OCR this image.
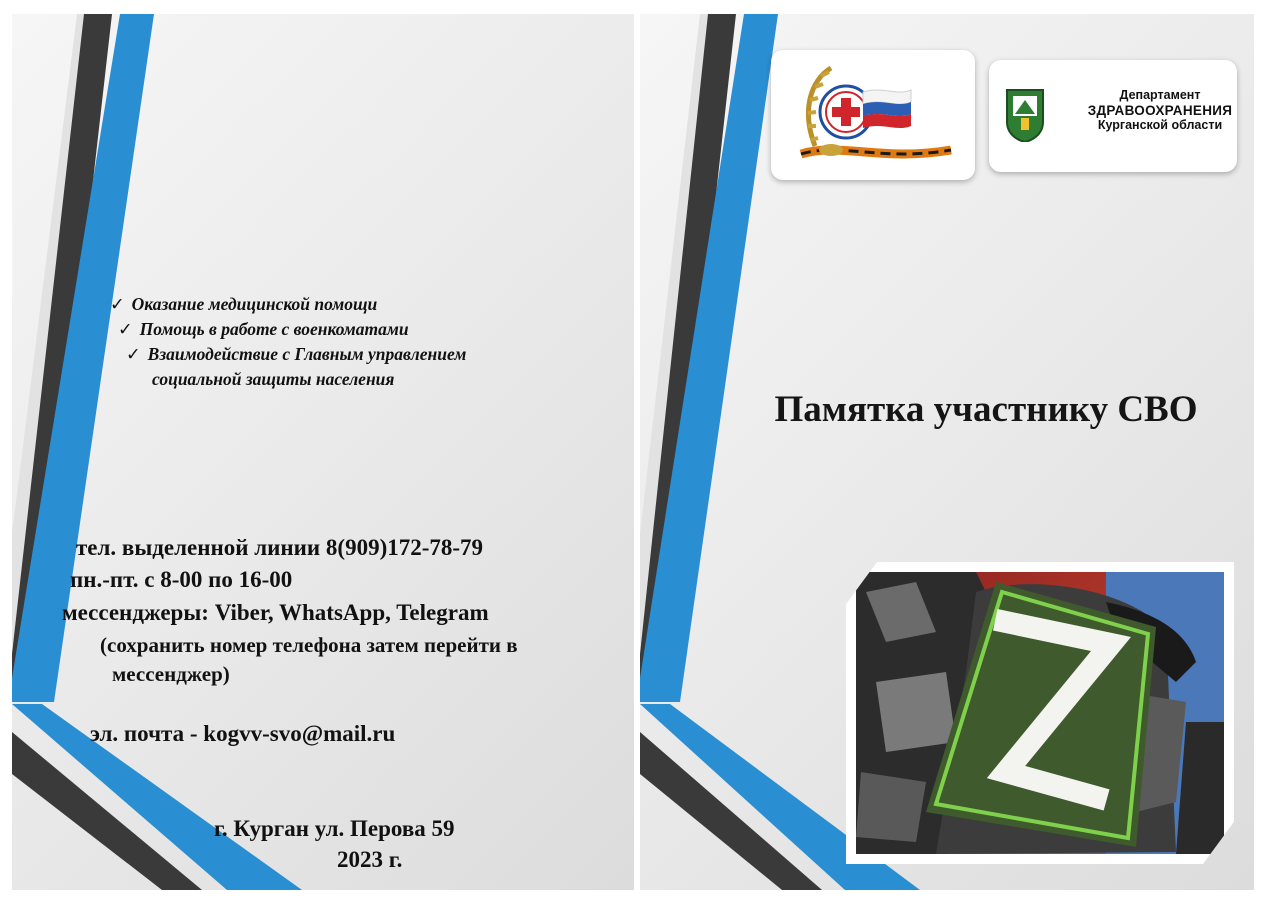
✓ Оказание медицинской помощи
✓ Помощь в работе с военкоматами
✓ Взаимодействие с Главным управлением
социальной защиты населения
тел. выделенной линии 8(909)172-78-79
пн.-пт. с 8-00 по 16-00
мессенджеры: Viber, WhatsApp, Telegram
(сохранить номер телефона затем перейти в
мессенджер)
эл. почта - kogvv-svo@mail.ru
г. Курган ул. Перова 59
2023 г.
Департамент
ЗДРАВООХРАНЕНИЯ
Курганской области
Памятка участнику СВО
